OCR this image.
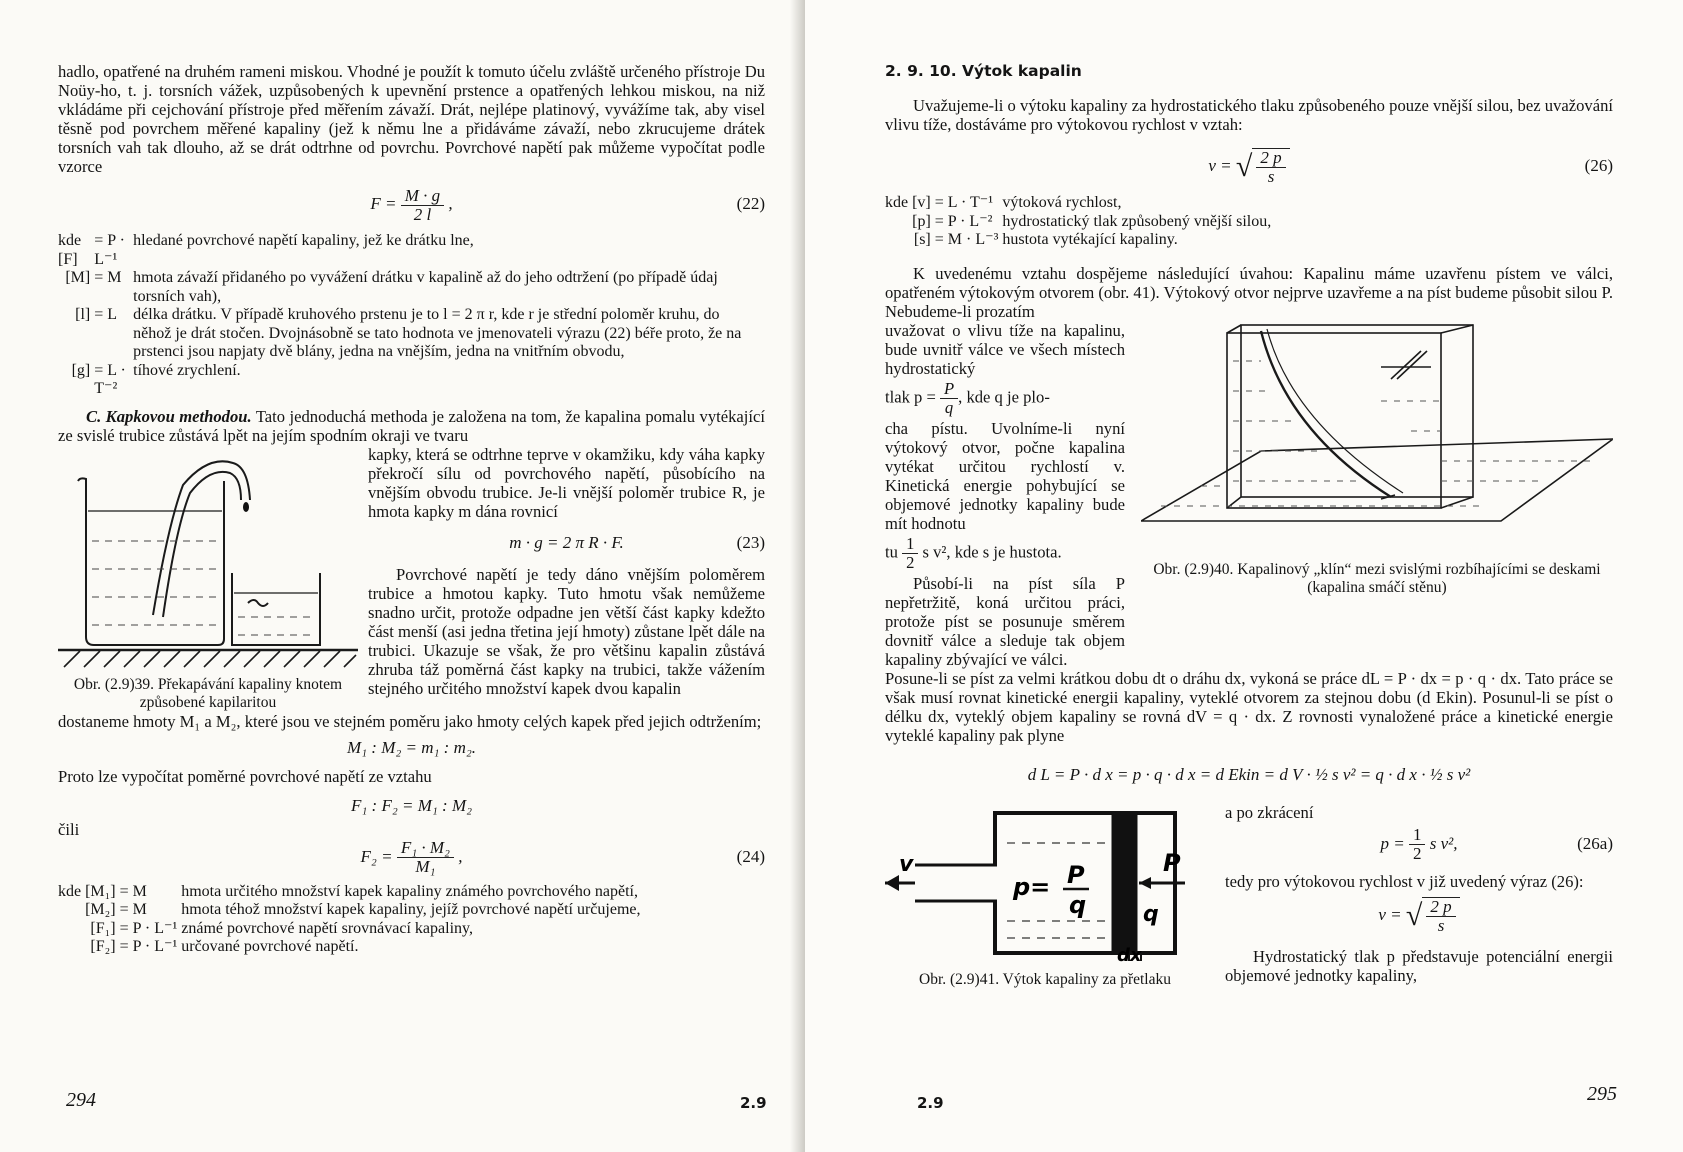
hadlo, opatřené na druhém rameni miskou. Vhodné je použít k tomuto účelu zvláště určeného přístroje Du Noüy-ho, t. j. torsních vážek, uzpůsobených k upevnění prstence a opatřených lehkou miskou, na niž vkládáme při cejchování přístroje před měřením závaží. Drát, nejlépe platinový, vyvážíme tak, aby visel těsně pod povrchem měřené kapaliny (jež k němu lne a přidáváme závaží, nebo zkrucujeme drátek torsních vah tak dlouho, až se drát odtrhne od povrchu. Povrchové napětí pak můžeme vypočítat podle vzorce

$F = \frac{M \cdot g}{2 l}$ ,	(22)
kde [F]	= P · L⁻¹	hledané povrchové napětí kapaliny, jež ke drátku lne,
[M]	= M	hmota závaží přidaného po vyvážení drátku v kapalině až do jeho odtržení (po případě údaj torsních vah),
[l]	= L	délka drátku. V případě kruhového prstenu je to l = 2 π r, kde r je střední poloměr kruhu, do něhož je drát stočen. Dvojnásobně se tato hodnota ve jmenovateli výrazu (22) béře proto, že na prstenci jsou napjaty dvě blány, jedna na vnějším, jedna na vnitřním obvodu,
[g]	= L · T⁻²	tíhové zrychlení.

C. Kapkovou methodou. Tato jednoduchá methoda je založena na tom, že kapalina pomalu vytékající ze svislé trubice zůstává lpět na jejím spodním okraji ve tvaru

Obr. (2.9)39. Překapávání kapaliny knotem způsobené kapilaritou

kapky, která se odtrhne teprve v okamžiku, kdy váha kapky překročí sílu od povrchového napětí, působícího na vnějším obvodu trubice. Je-li vnější poloměr trubice R, je hmota kapky m dána rovnicí

m · g = 2 π R · F.	(23)

Povrchové napětí je tedy dáno vnějším poloměrem trubice a hmotou kapky. Tuto hmotu však nemůžeme snadno určit, protože odpadne jen větší část kapky kdežto část menší (asi jedna třetina její hmoty) zůstane lpět dále na trubici. Ukazuje se však, že pro většinu kapalin zůstává zhruba táž poměrná část kapky na trubici, takže vážením stejného určitého množství kapek dvou kapalin

dostaneme hmoty M₁ a M₂, které jsou ve stejném poměru jako hmoty celých kapek před jejich odtržením;

M₁ : M₂ = m₁ : m₂.

Proto lze vypočítat poměrné povrchové napětí ze vztahu

F₁ : F₂ = M₁ : M₂

čili

$F_2 = \frac{\text{F₁ · M₂}}{\text{M₁}}$ ,	(24)
kde [M₁]	= M	hmota určitého množství kapek kapaliny známého povrchového napětí,
[M₂]	= M	hmota téhož množství kapek kapaliny, jejíž povrchové napětí určujeme,
[F₁]	= P · L⁻¹	známé povrchové napětí srovnávací kapaliny,
[F₂]	= P · L⁻¹	určované povrchové napětí.
294	2.9
2. 9. 10. Výtok kapalin

Uvažujeme-li o výtoku kapaliny za hydrostatického tlaku způsobeného pouze vnější silou, bez uvažování vlivu tíže, dostáváme pro výtokovou rychlost v vztah:

v = √ $\frac{2 p}{s}$	(26)
kde [v]	= L · T⁻¹	výtoková rychlost,
[p]	= P · L⁻²	hydrostatický tlak způsobený vnější silou,
[s]	= M · L⁻³	hustota vytékající kapaliny.

K uvedenému vztahu dospějeme následující úvahou: Kapalinu máme uzavřenu pístem ve válci, opatřeném výtokovým otvorem (obr. 41). Výtokový otvor nejprve uzavřeme a na píst budeme působit silou P. Nebudeme-li prozatím

uvažovat o vlivu tíže na kapalinu, bude uvnitř válce ve všech místech hydrostatický

tlak $p = \frac{P}{q}$ , kde q je plo-

cha pístu. Uvolníme-li nyní výtokový otvor, počne kapalina vytékat určitou rychlostí v. Kinetická energie pohybující se objemové jednotky kapaliny bude mít hodnotu

tu $\frac{1}{2}$ s v², kde s je hustota.

Působí-li na píst síla P nepřetržitě, koná určitou práci, protože píst se posunuje směrem dovnitř válce a sleduje tak objem kapaliny zbývající ve válci.

Obr. (2.9)40. Kapalinový „klín“ mezi svislými rozbíhajícími se deskami (kapalina smáčí stěnu)

Posune-li se píst za velmi krátkou dobu dt o dráhu dx, vykoná se práce dL = P · dx = p · q · dx. Tato práce se však musí rovnat kinetické energii kapaliny, vyteklé otvorem za stejnou dobu (d Ekin). Posunul-li se píst o délku dx, vyteklý objem kapaliny se rovná dV = q · dx. Z rovnosti vynaložené práce a kinetické energie vyteklé kapaliny pak plyne

d L = P · d x = p · q · d x = d Ekin = d V · ½ s v² = q · d x · ½ s v²
v
p= P
q
P
q
dx
Obr. (2.9)41. Výtok kapaliny za přetlaku

a po zkrácení

$p = \frac{1}{2}$ s v²,	(26a)

tedy pro výtokovou rychlost v již uvedený výraz (26):

v = √ $\frac{2 p}{s}$

Hydrostatický tlak p představuje potenciální energii objemové jednotky kapaliny,

2.9	295
